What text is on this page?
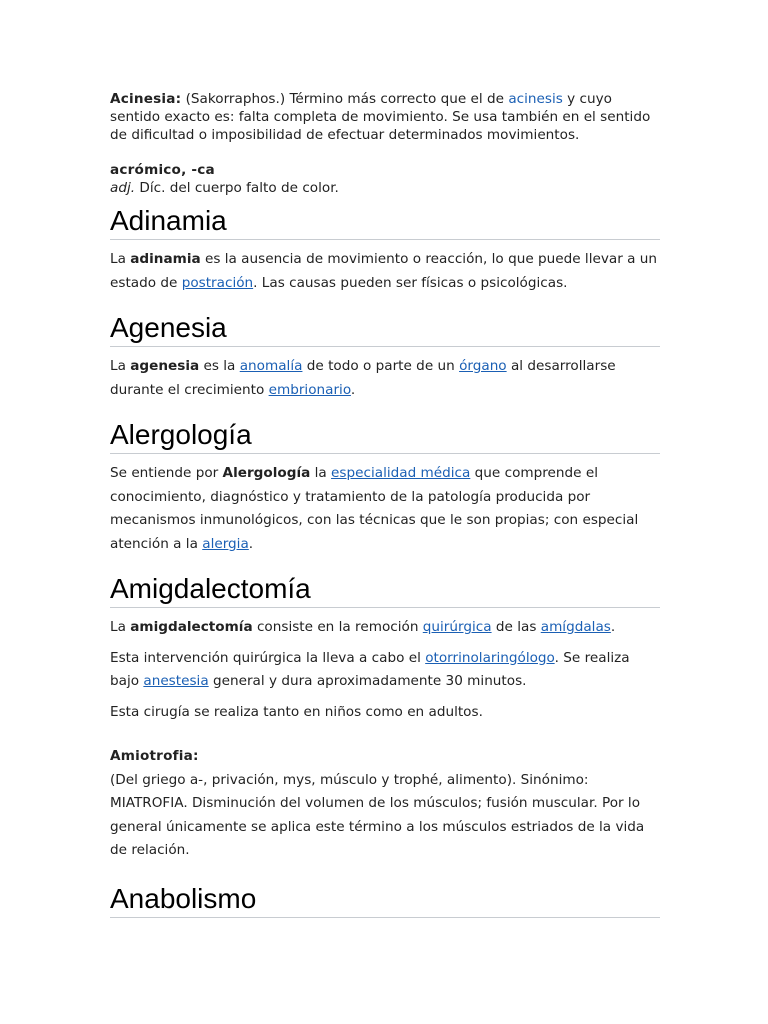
Acinesia: (Sakorraphos.) Término más correcto que el de acinesis y cuyo sentido exacto es: falta completa de movimiento. Se usa también en el sentido de dificultad o imposibilidad de efectuar determinados movimientos.

acrómico, -ca

adj. Díc. del cuerpo falto de color.

Adinamia

La adinamia es la ausencia de movimiento o reacción, lo que puede llevar a un estado de postración. Las causas pueden ser físicas o psicológicas.

Agenesia

La agenesia es la anomalía de todo o parte de un órgano al desarrollarse durante el crecimiento embrionario.

Alergología

Se entiende por Alergología la especialidad médica que comprende el conocimiento, diagnóstico y tratamiento de la patología producida por mecanismos inmunológicos, con las técnicas que le son propias; con especial atención a la alergia.

Amigdalectomía

La amigdalectomía consiste en la remoción quirúrgica de las amígdalas.

Esta intervención quirúrgica la lleva a cabo el otorrinolaringólogo. Se realiza bajo anestesia general y dura aproximadamente 30 minutos.

Esta cirugía se realiza tanto en niños como en adultos.

Amiotrofia:

(Del griego a-, privación, mys, músculo y trophé, alimento). Sinónimo: MIATROFIA. Disminución del volumen de los músculos; fusión muscular. Por lo general únicamente se aplica este término a los músculos estriados de la vida de relación.

Anabolismo
